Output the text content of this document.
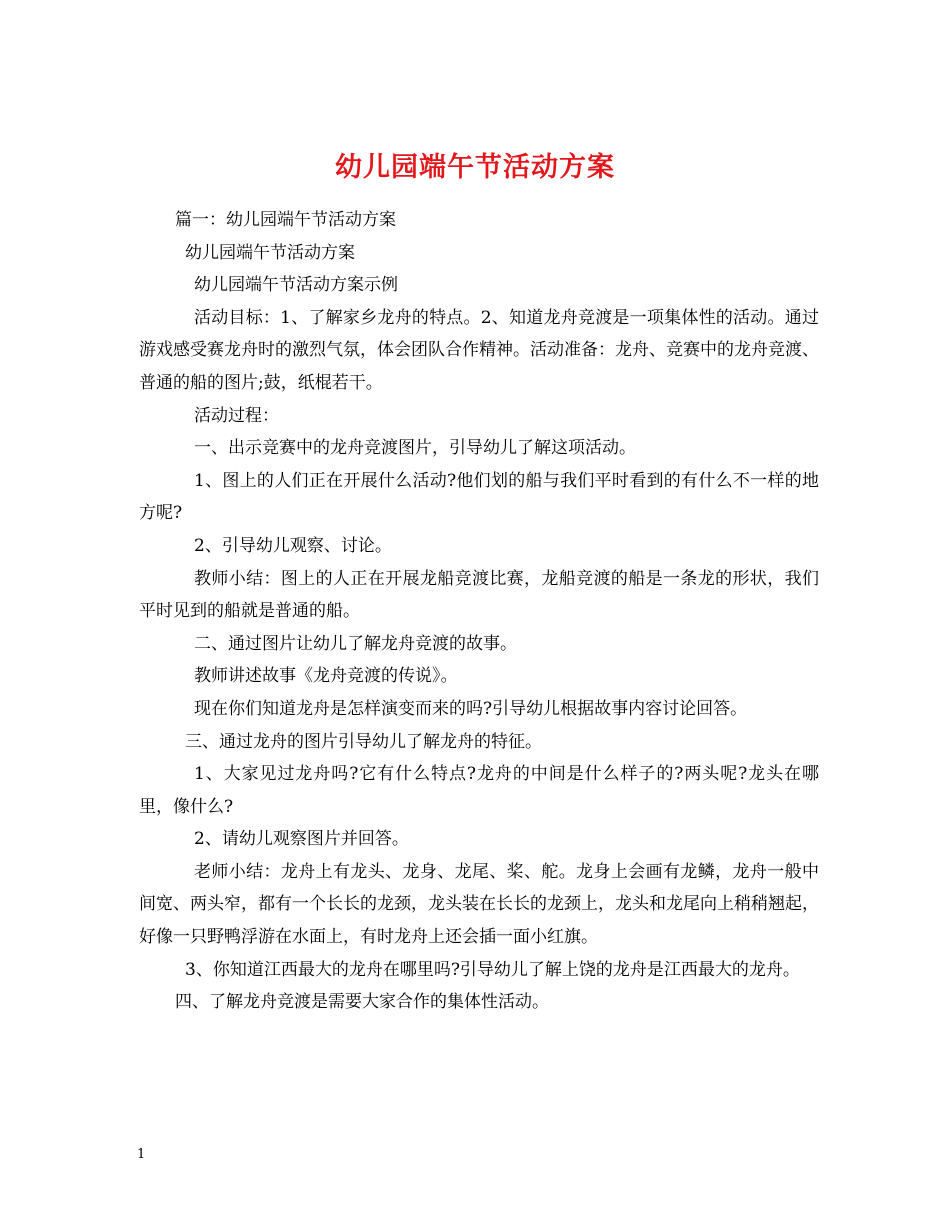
幼儿园端午节活动方案

篇一：幼儿园端午节活动方案

幼儿园端午节活动方案

幼儿园端午节活动方案示例

活动目标：1、了解家乡龙舟的特点。2、知道龙舟竞渡是一项集体性的活动。通过游戏感受赛龙舟时的激烈气氛，体会团队合作精神。活动准备：龙舟、竞赛中的龙舟竞渡、普通的船的图片;鼓，纸棍若干。

活动过程：

一、出示竞赛中的龙舟竞渡图片，引导幼儿了解这项活动。

1、图上的人们正在开展什么活动?他们划的船与我们平时看到的有什么不一样的地方呢?

2、引导幼儿观察、讨论。

教师小结：图上的人正在开展龙船竞渡比赛，龙船竞渡的船是一条龙的形状，我们平时见到的船就是普通的船。

二、通过图片让幼儿了解龙舟竞渡的故事。

教师讲述故事《龙舟竞渡的传说》。

现在你们知道龙舟是怎样演变而来的吗?引导幼儿根据故事内容讨论回答。

三、通过龙舟的图片引导幼儿了解龙舟的特征。

1、大家见过龙舟吗?它有什么特点?龙舟的中间是什么样子的?两头呢?龙头在哪里，像什么?

2、请幼儿观察图片并回答。

老师小结：龙舟上有龙头、龙身、龙尾、桨、舵。龙身上会画有龙鳞，龙舟一般中间宽、两头窄，都有一个长长的龙颈，龙头装在长长的龙颈上，龙头和龙尾向上稍稍翘起，好像一只野鸭浮游在水面上，有时龙舟上还会插一面小红旗。

3、你知道江西最大的龙舟在哪里吗?引导幼儿了解上饶的龙舟是江西最大的龙舟。

四、了解龙舟竞渡是需要大家合作的集体性活动。

1
